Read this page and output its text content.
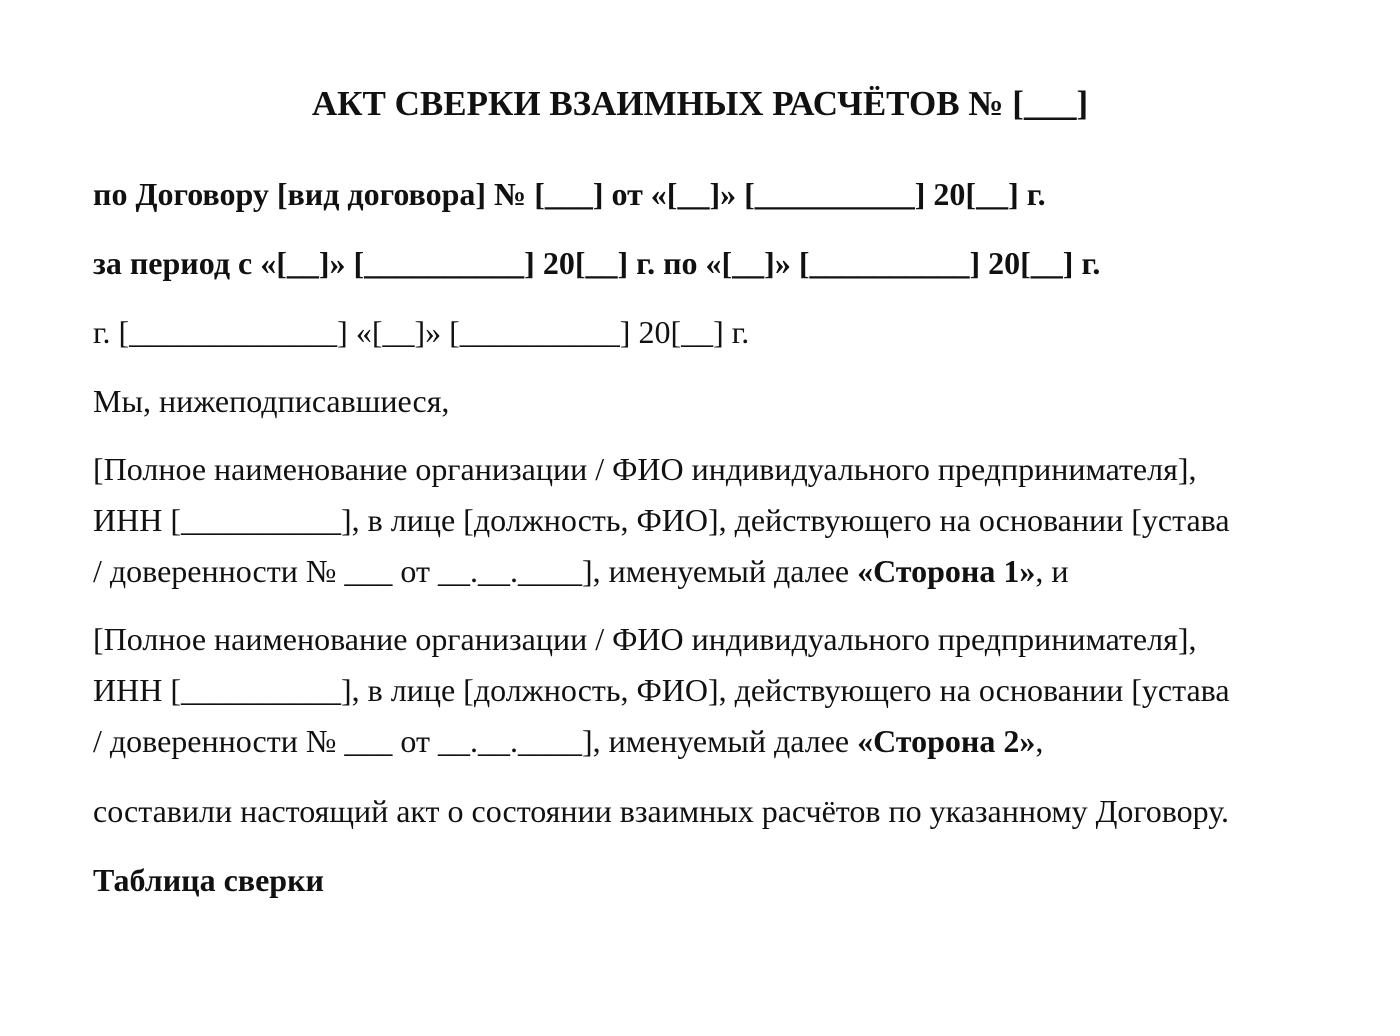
АКТ СВЕРКИ ВЗАИМНЫХ РАСЧЁТОВ № [___]
по Договору [вид договора] № [___] от «[__]» [__________] 20[__] г.
за период с «[__]» [__________] 20[__] г. по «[__]» [__________] 20[__] г.
г. [_____________] «[__]» [__________] 20[__] г.
Мы, нижеподписавшиеся,
[Полное наименование организации / ФИО индивидуального предпринимателя],
ИНН [__________], в лице [должность, ФИО], действующего на основании [устава
/ доверенности № ___ от __.__.____], именуемый далее «Сторона 1», и
[Полное наименование организации / ФИО индивидуального предпринимателя],
ИНН [__________], в лице [должность, ФИО], действующего на основании [устава
/ доверенности № ___ от __.__.____], именуемый далее «Сторона 2»,
составили настоящий акт о состоянии взаимных расчётов по указанному Договору.
Таблица сверки
